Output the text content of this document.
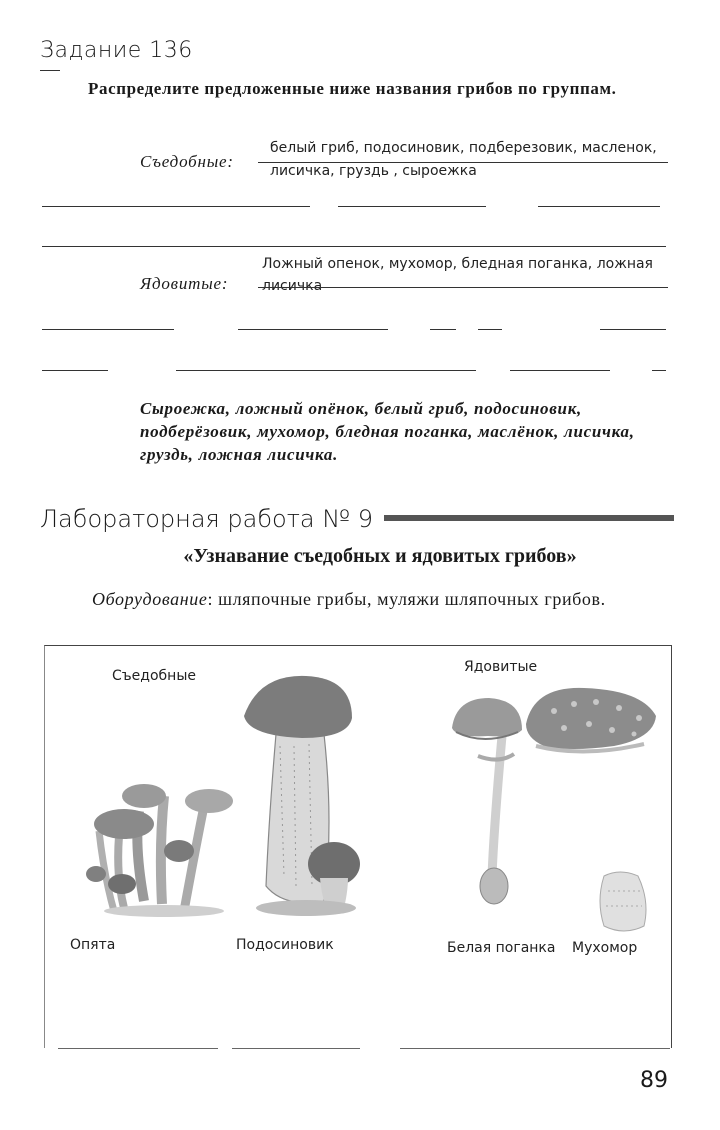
Задание 136
Распределите предложенные ниже названия грибов по группам.
Съедобные:
белый гриб, подосиновик, подберезовик, масленок,
лисичка, груздь , сыроежка
Ложный опенок, мухомор, бледная поганка, ложная
Ядовитые: лисичка
Сыроежка, ложный опёнок, белый гриб, подосиновик, подберёзовик, мухомор, бледная поганка, маслёнок, лисичка, груздь, ложная лисичка.
Лабораторная работа № 9
«Узнавание съедобных и ядовитых грибов»
Оборудование: шляпочные грибы, муляжи шляпочных грибов.
Съедобные
Ядовитые
Опята	Подосиновик	Белая поганка Мухомор
89
